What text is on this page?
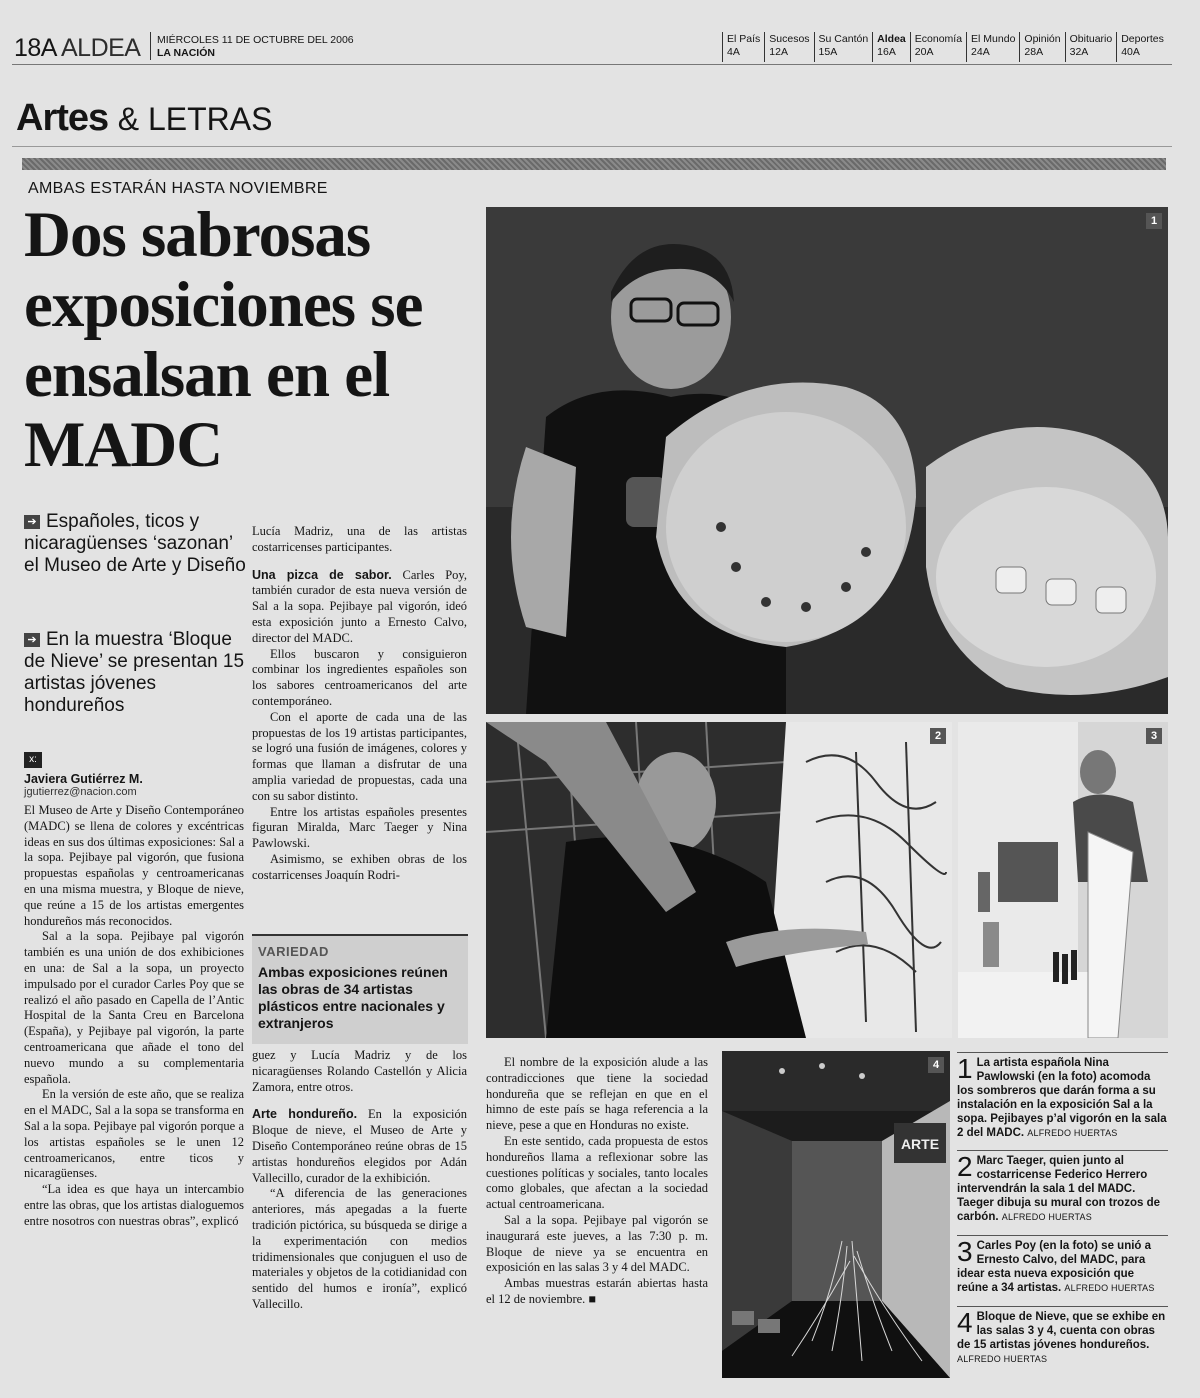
18A ALDEA MIÉRCOLES 11 DE OCTUBRE DEL 2006
LA NACIÓN
El País
4A
Sucesos
12A
Su Cantón
15A
Aldea
16A
Economía
20A
El Mundo
24A
Opinión
28A
Obituario
32A
Deportes
40A
Artes & LETRAS
AMBAS ESTARÁN HASTA NOVIEMBRE
Dos sabrosas exposiciones se ensalsan en el MADC
➔ Españoles, ticos y nicaragüenses ‘sazonan’ el Museo de Arte y Diseño
➔ En la muestra ‘Bloque de Nieve’ se presentan 15 artistas jóvenes hondureños
x:
Javiera Gutiérrez M.
jgutierrez@nacion.com

El Museo de Arte y Diseño Contemporáneo (MADC) se llena de colores y excéntricas ideas en sus dos últimas exposiciones: Sal a la sopa. Pejibaye pal vigorón, que fusiona propuestas españolas y centroamericanas en una misma muestra, y Bloque de nieve, que reúne a 15 de los artistas emergentes hondureños más reconocidos.

Sal a la sopa. Pejibaye pal vigorón también es una unión de dos exhibiciones en una: de Sal a la sopa, un proyecto impulsado por el curador Carles Poy que se realizó el año pasado en Capella de l’Antic Hospital de la Santa Creu en Barcelona (España), y Pejibaye pal vigorón, la parte centroamericana que añade el tono del nuevo mundo a su complementaria española.

En la versión de este año, que se realiza en el MADC, Sal a la sopa se transforma en Sal a la sopa. Pejibaye pal vigorón porque a los artistas españoles se le unen 12 centroamericanos, entre ticos y nicaragüenses.

“La idea es que haya un intercambio entre las obras, que los artistas dialoguemos entre nosotros con nuestras obras”, explicó

Lucía Madriz, una de las artistas costarricenses participantes.

Una pizca de sabor. Carles Poy, también curador de esta nueva versión de Sal a la sopa. Pejibaye pal vigorón, ideó esta exposición junto a Ernesto Calvo, director del MADC.

Ellos buscaron y consiguieron combinar los ingredientes españoles son los sabores centroamericanos del arte contemporáneo.

Con el aporte de cada una de las propuestas de los 19 artistas participantes, se logró una fusión de imágenes, colores y formas que llaman a disfrutar de una amplia variedad de propuestas, cada una con su sabor distinto.

Entre los artistas españoles presentes figuran Miralda, Marc Taeger y Nina Pawlowski.

Asimismo, se exhiben obras de los costarricenses Joaquín Rodri-

VARIEDAD
Ambas exposiciones reúnen las obras de 34 artistas plásticos entre nacionales y extranjeros

guez y Lucía Madriz y de los nicaragüenses Rolando Castellón y Alicia Zamora, entre otros.

Arte hondureño. En la exposición Bloque de nieve, el Museo de Arte y Diseño Contemporáneo reúne obras de 15 artistas hondureños elegidos por Adán Vallecillo, curador de la exhibición.

“A diferencia de las generaciones anteriores, más apegadas a la fuerte tradición pictórica, su búsqueda se dirige a la experimentación con medios tridimensionales que conjuguen el uso de materiales y objetos de la cotidianidad con sentido del humos e ironía”, explicó Vallecillo.

El nombre de la exposición alude a las contradicciones que tiene la sociedad hondureña que se reflejan en que en el himno de este país se haga referencia a la nieve, pese a que en Honduras no existe.

En este sentido, cada propuesta de estos hondureños llama a reflexionar sobre las cuestiones políticas y sociales, tanto locales como globales, que afectan a la sociedad actual centroamericana.

Sal a la sopa. Pejibaye pal vigorón se inaugurará este jueves, a las 7:30 p. m. Bloque de nieve ya se encuentra en exposición en las salas 3 y 4 del MADC.

Ambas muestras estarán abiertas hasta el 12 de noviembre. ■

1
2	3
ARTE
4 1 La artista española Nina Pawlowski (en la foto) acomoda los sombreros que darán forma a su instalación en la exposición Sal a la sopa. Pejibayes p’al vigorón en la sala 2 del MADC. ALFREDO HUERTAS
2 Marc Taeger, quien junto al costarricense Federico Herrero intervendrán la sala 1 del MADC. Taeger dibuja su mural con trozos de carbón. ALFREDO HUERTAS
3 Carles Poy (en la foto) se unió a Ernesto Calvo, del MADC, para idear esta nueva exposición que reúne a 34 artistas. ALFREDO HUERTAS
4 Bloque de Nieve, que se exhibe en las salas 3 y 4, cuenta con obras de 15 artistas jóvenes hondureños. ALFREDO HUERTAS
